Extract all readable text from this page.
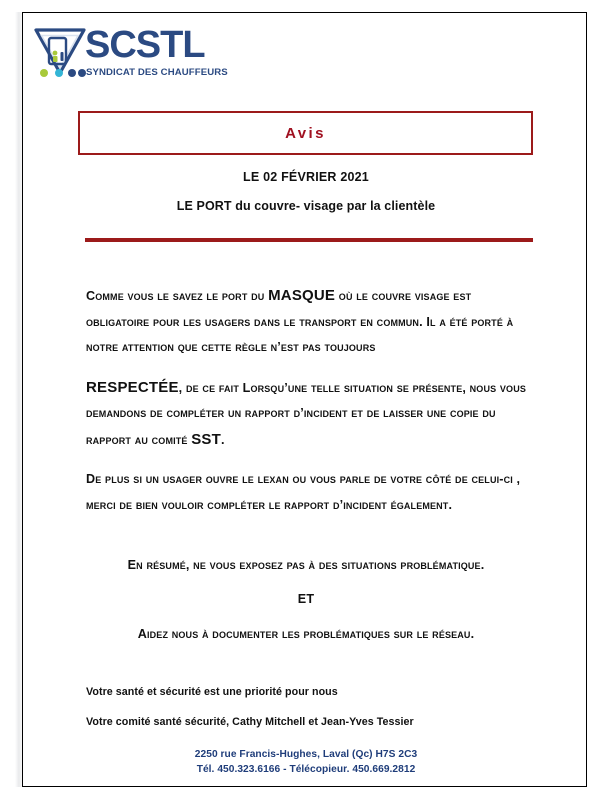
SCSTL
SYNDICAT DES CHAUFFEURS
Avis
LE 02 FÉVRIER 2021
LE PORT du couvre- visage par la clientèle

Comme vous le savez le port du MASQUE où le couvre visage est obligatoire pour les usagers dans le transport en commun. Il a été porté à notre attention que cette règle n’est pas toujours

RESPECTÉE, de ce fait Lorsqu’une telle situation se présente, nous vous demandons de compléter un rapport d’incident et de laisser une copie du rapport au comité SST.

De plus si un usager ouvre le lexan ou vous parle de votre côté de celui-ci , merci de bien vouloir compléter le rapport d’incident également.

En résumé, ne vous exposez pas à des situations problématique.
ET
Aidez nous à documenter les problématiques sur le réseau.
Votre santé et sécurité est une priorité pour nous
Votre comité santé sécurité, Cathy Mitchell et Jean-Yves Tessier
2250 rue Francis-Hughes, Laval (Qc) H7S 2C3
Tél. 450.323.6166 - Télécopieur. 450.669.2812
